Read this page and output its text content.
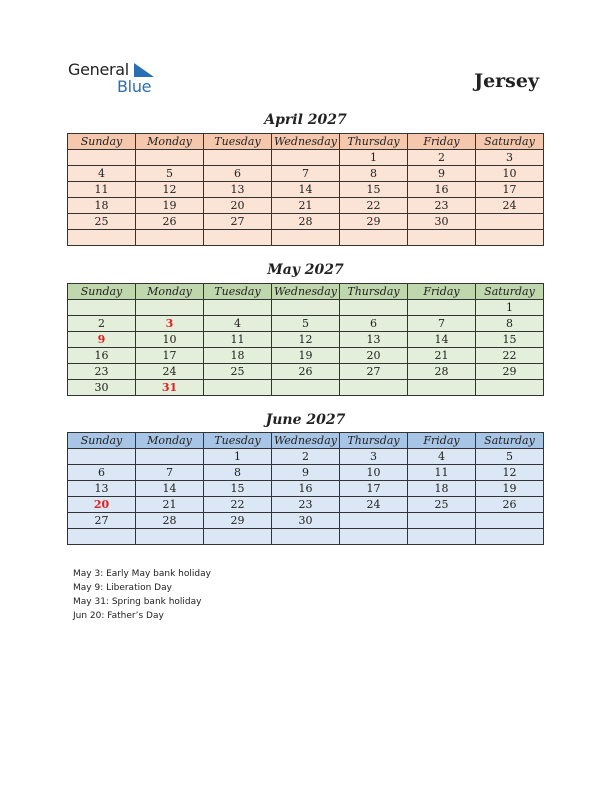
General
Blue	Jersey
April 2027
Sunday	Monday	Tuesday	Wednesday	Thursday	Friday	Saturday
				1	2	3
4	5	6	7	8	9	10
11	12	13	14	15	16	17
18	19	20	21	22	23	24
25	26	27	28	29	30	

May 2027
Sunday	Monday	Tuesday	Wednesday	Thursday	Friday	Saturday
						1
2	3	4	5	6	7	8
9	10	11	12	13	14	15
16	17	18	19	20	21	22
23	24	25	26	27	28	29
30	31					
June 2027
Sunday	Monday	Tuesday	Wednesday	Thursday	Friday	Saturday
		1	2	3	4	5
6	7	8	9	10	11	12
13	14	15	16	17	18	19
20	21	22	23	24	25	26
27	28	29	30			

May 3: Early May bank holiday
May 9: Liberation Day
May 31: Spring bank holiday
Jun 20: Father’s Day
